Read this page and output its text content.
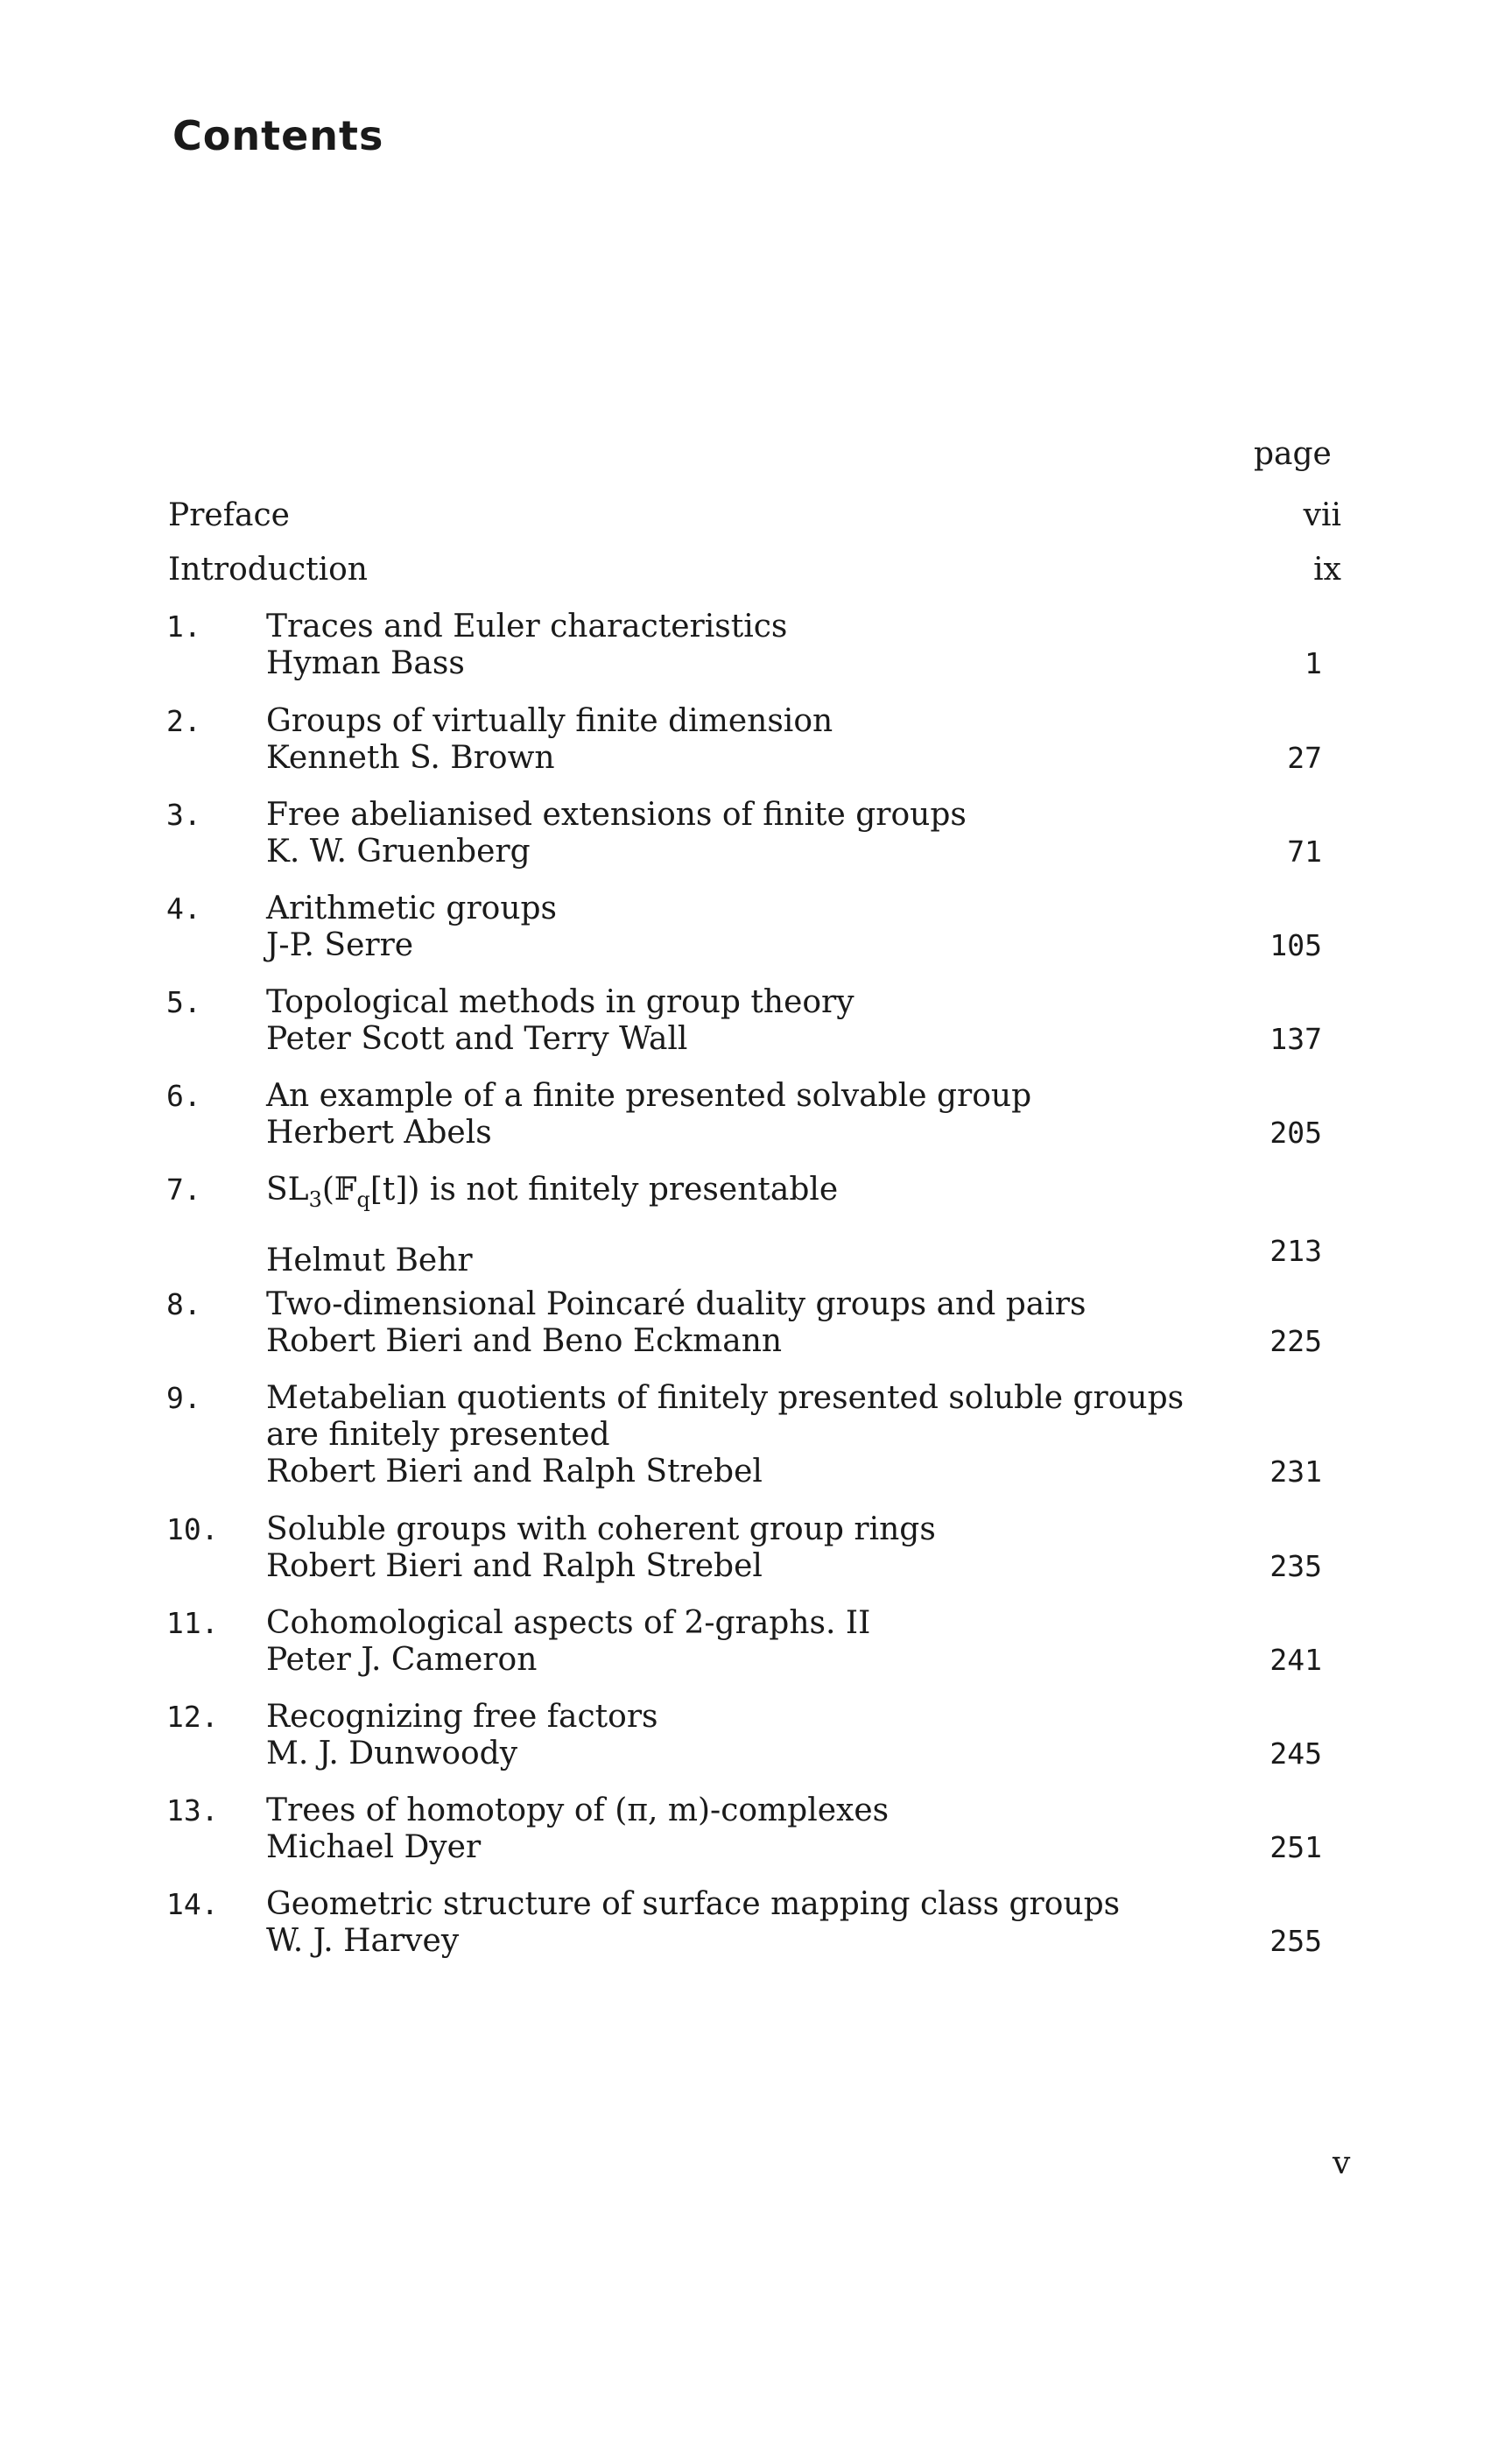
Contents
page
Preface	vii
Introduction	ix
1. Traces and Euler characteristics
Hyman Bass	1
2. Groups of virtually finite dimension
Kenneth S. Brown	27
3. Free abelianised extensions of finite groups
K. W. Gruenberg	71
4. Arithmetic groups
J-P. Serre	105
5. Topological methods in group theory
Peter Scott and Terry Wall	137
6. An example of a finite presented solvable group
Herbert Abels	205
7. $SL_3(𝔽_q[t])$ is not finitely presentable
Helmut Behr	213
8. Two-dimensional Poincaré duality groups and pairs
Robert Bieri and Beno Eckmann	225
9. Metabelian quotients of finitely presented soluble groups
are finitely presented
Robert Bieri and Ralph Strebel	231
10. Soluble groups with coherent group rings
Robert Bieri and Ralph Strebel	235
11. Cohomological aspects of 2-graphs. II
Peter J. Cameron	241
12. Recognizing free factors
M. J. Dunwoody	245
13. Trees of homotopy of (π, m)-complexes
Michael Dyer	251
14. Geometric structure of surface mapping class groups
W. J. Harvey	255
v
